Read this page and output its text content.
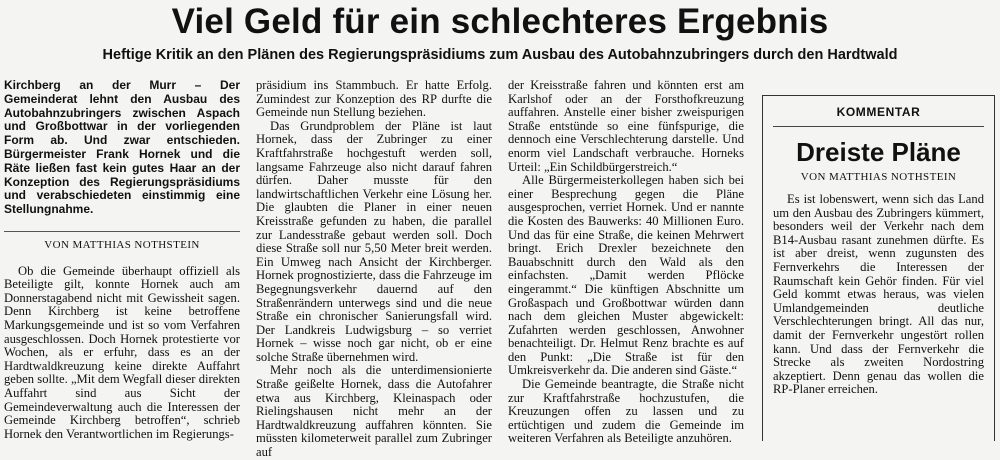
Viel Geld für ein schlechteres Ergebnis
Heftige Kritik an den Plänen des Regierungspräsidiums zum Ausbau des Autobahnzubringers durch den Hardtwald

Kirchberg an der Murr – Der Gemeinderat lehnt den Ausbau des Autobahnzubringers zwischen Aspach und Großbottwar in der vorliegenden Form ab. Und zwar entschieden. Bürgermeister Frank Hornek und die Räte ließen fast kein gutes Haar an der Konzeption des Regierungspräsidiums und verabschiedeten einstimmig eine Stellungnahme.

VON MATTHIAS NOTHSTEIN

Ob die Gemeinde überhaupt offiziell als Beteiligte gilt, konnte Hornek auch am Donnerstagabend nicht mit Gewissheit sagen. Denn Kirchberg ist keine betroffene Markungsgemeinde und ist so vom Verfahren ausgeschlossen. Doch Hornek protestierte vor Wochen, als er erfuhr, dass es an der Hardtwaldkreuzung keine direkte Auffahrt geben sollte. „Mit dem Wegfall dieser direkten Auffahrt sind aus Sicht der Gemeindeverwaltung auch die Interessen der Gemeinde Kirchberg betroffen“, schrieb Hornek den Verantwortlichen im Regierungs-

präsidium ins Stammbuch. Er hatte Erfolg. Zumindest zur Konzeption des RP durfte die Gemeinde nun Stellung beziehen.

Das Grundproblem der Pläne ist laut Hornek, dass der Zubringer zu einer Kraftfahrstraße hochgestuft werden soll, langsame Fahrzeuge also nicht darauf fahren dürfen. Daher musste für den landwirtschaftlichen Verkehr eine Lösung her. Die glaubten die Planer in einer neuen Kreisstraße gefunden zu haben, die parallel zur Landesstraße gebaut werden soll. Doch diese Straße soll nur 5,50 Meter breit werden. Ein Umweg nach Ansicht der Kirchberger. Hornek prognostizierte, dass die Fahrzeuge im Begegnungsverkehr dauernd auf den Straßenrändern unterwegs sind und die neue Straße ein chronischer Sanierungsfall wird. Der Landkreis Ludwigsburg – so verriet Hornek – wisse noch gar nicht, ob er eine solche Straße übernehmen wird.

Mehr noch als die unterdimensionierte Straße geißelte Hornek, dass die Autofahrer etwa aus Kirchberg, Kleinaspach oder Rielingshausen nicht mehr an der Hardtwaldkreuzung auffahren könnten. Sie müssten kilometerweit parallel zum Zubringer auf

der Kreisstraße fahren und könnten erst am Karlshof oder an der Forsthofkreuzung auffahren. Anstelle einer bisher zweispurigen Straße entstünde so eine fünfspurige, die dennoch eine Verschlechterung darstelle. Und enorm viel Landschaft verbrauche. Horneks Urteil: „Ein Schildbürgerstreich.“

Alle Bürgermeisterkollegen haben sich bei einer Besprechung gegen die Pläne ausgesprochen, verriet Hornek. Und er nannte die Kosten des Bauwerks: 40 Millionen Euro. Und das für eine Straße, die keinen Mehrwert bringt. Erich Drexler bezeichnete den Bauabschnitt durch den Wald als den einfachsten. „Damit werden Pflöcke eingerammt.“ Die künftigen Abschnitte um Großaspach und Großbottwar würden dann nach dem gleichen Muster abgewickelt: Zufahrten werden geschlossen, Anwohner benachteiligt. Dr. Helmut Renz brachte es auf den Punkt: „Die Straße ist für den Umkreisverkehr da. Die anderen sind Gäste.“

Die Gemeinde beantragte, die Straße nicht zur Kraftfahrstraße hochzustufen, die Kreuzungen offen zu lassen und zu ertüchtigen und zudem die Gemeinde im weiteren Verfahren als Beteiligte anzuhören.

KOMMENTAR
Dreiste Pläne
VON MATTHIAS NOTHSTEIN

Es ist lobenswert, wenn sich das Land um den Ausbau des Zubringers kümmert, besonders weil der Verkehr nach dem B14-Ausbau rasant zunehmen dürfte. Es ist aber dreist, wenn zugunsten des Fernverkehrs die Interessen der Raumschaft kein Gehör finden. Für viel Geld kommt etwas heraus, was vielen Umlandgemeinden deutliche Verschlechterungen bringt. All das nur, damit der Fernverkehr ungestört rollen kann. Und dass der Fernverkehr die Strecke als zweiten Nordostring akzeptiert. Denn genau das wollen die RP-Planer erreichen.
